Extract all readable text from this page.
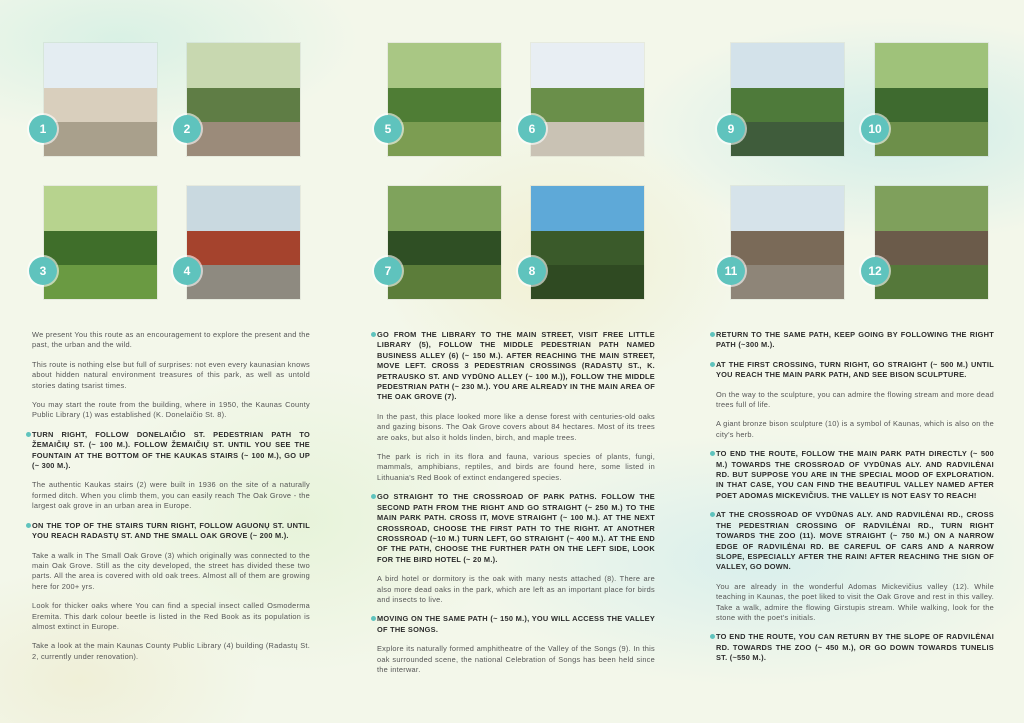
1	2	5	6	9	10
3	4	7	8	11	12

We present You this route as an encouragement to explore the present and the past, the urban and the wild.

This route is nothing else but full of surprises: not even every kaunasian knows about hidden natural environment treasures of this park, as well as untold stories dating tsarist times.

You may start the route from the building, where in 1950, the Kaunas County Public Library (1) was established (K. Donelaičio St. 8).

TURN RIGHT, FOLLOW DONELAIČIO ST. PEDESTRIAN PATH TO ŽEMAIČIŲ ST. (~ 100 M.). FOLLOW ŽEMAIČIŲ ST. UNTIL YOU SEE THE FOUNTAIN AT THE BOTTOM OF THE KAUKAS STAIRS (~ 100 M.), GO UP (~ 300 M.).

The authentic Kaukas stairs (2) were built in 1936 on the site of a naturally formed ditch. When you climb them, you can easily reach The Oak Grove - the largest oak grove in an urban area in Europe.

ON THE TOP OF THE STAIRS TURN RIGHT, FOLLOW AGUONŲ ST. UNTIL YOU REACH RADASTŲ ST. AND THE SMALL OAK GROVE (~ 200 M.).

Take a walk in The Small Oak Grove (3) which originally was connected to the main Oak Grove. Still as the city developed, the street has divided these two parts. All the area is covered with old oak trees. Almost all of them are growing here for 200+ yrs.

Look for thicker oaks where You can find a special insect called Osmoderma Eremita. This dark colour beetle is listed in the Red Book as its population is almost extinct in Europe.

Take a look at the main Kaunas County Public Library (4) building (Radastų St. 2, currently under renovation).

GO FROM THE LIBRARY TO THE MAIN STREET, VISIT FREE LITTLE LIBRARY (5), FOLLOW THE MIDDLE PEDESTRIAN PATH NAMED BUSINESS ALLEY (6) (~ 150 M.). AFTER REACHING THE MAIN STREET, MOVE LEFT. CROSS 3 PEDESTRIAN CROSSINGS (RADASTŲ ST., K. PETRAUSKO ST. AND VYDŪNO ALLEY (~ 100 M.)), FOLLOW THE MIDDLE PEDESTRIAN PATH (~ 230 M.). YOU ARE ALREADY IN THE MAIN AREA OF THE OAK GROVE (7).

In the past, this place looked more like a dense forest with centuries-old oaks and gazing bisons. The Oak Grove covers about 84 hectares. Most of its trees are oaks, but also it holds linden, birch, and maple trees.

The park is rich in its flora and fauna, various species of plants, fungi, mammals, amphibians, reptiles, and birds are found here, some listed in Lithuania's Red Book of extinct endangered species.

GO STRAIGHT TO THE CROSSROAD OF PARK PATHS. FOLLOW THE SECOND PATH FROM THE RIGHT AND GO STRAIGHT (~ 250 M.) TO THE MAIN PARK PATH. CROSS IT, MOVE STRAIGHT (~ 100 M.). AT THE NEXT CROSSROAD, CHOOSE THE FIRST PATH TO THE RIGHT. AT ANOTHER CROSSROAD (~10 M.) TURN LEFT, GO STRAIGHT (~ 400 M.). AT THE END OF THE PATH, CHOOSE THE FURTHER PATH ON THE LEFT SIDE, LOOK FOR THE BIRD HOTEL (~ 20 M.).

A bird hotel or dormitory is the oak with many nests attached (8). There are also more dead oaks in the park, which are left as an important place for birds and insects to live.

MOVING ON THE SAME PATH (~ 150 M.), YOU WILL ACCESS THE VALLEY OF THE SONGS.

Explore its naturally formed amphitheatre of the Valley of the Songs (9). In this oak surrounded scene, the national Celebration of Songs has been held since the interwar.

RETURN TO THE SAME PATH, KEEP GOING BY FOLLOWING THE RIGHT PATH (~300 M.).

AT THE FIRST CROSSING, TURN RIGHT, GO STRAIGHT (~ 500 M.) UNTIL YOU REACH THE MAIN PARK PATH, AND SEE BISON SCULPTURE.

On the way to the sculpture, you can admire the flowing stream and more dead trees full of life.

A giant bronze bison sculpture (10) is a symbol of Kaunas, which is also on the city's herb.

TO END THE ROUTE, FOLLOW THE MAIN PARK PATH DIRECTLY (~ 500 M.) TOWARDS THE CROSSROAD OF VYDŪNAS ALY. AND RADVILĖNAI RD. BUT SUPPOSE YOU ARE IN THE SPECIAL MOOD OF EXPLORATION. IN THAT CASE, YOU CAN FIND THE BEAUTIFUL VALLEY NAMED AFTER POET ADOMAS MICKEVIČIUS. THE VALLEY IS NOT EASY TO REACH!

AT THE CROSSROAD OF VYDŪNAS ALY. AND RADVILĖNAI RD., CROSS THE PEDESTRIAN CROSSING OF RADVILĖNAI RD., TURN RIGHT TOWARDS THE ZOO (11). MOVE STRAIGHT (~ 750 M.) ON A NARROW EDGE OF RADVILĖNAI RD. BE CAREFUL OF CARS AND A NARROW SLOPE, ESPECIALLY AFTER THE RAIN! AFTER REACHING THE SIGN OF VALLEY, GO DOWN.

You are already in the wonderful Adomas Mickevičius valley (12). While teaching in Kaunas, the poet liked to visit the Oak Grove and rest in this valley. Take a walk, admire the flowing Girstupis stream. While walking, look for the stone with the poet's initials.

TO END THE ROUTE, YOU CAN RETURN BY THE SLOPE OF RADVILĖNAI RD. TOWARDS THE ZOO (~ 450 M.), OR GO DOWN TOWARDS TUNELIS ST. (~550 M.).
